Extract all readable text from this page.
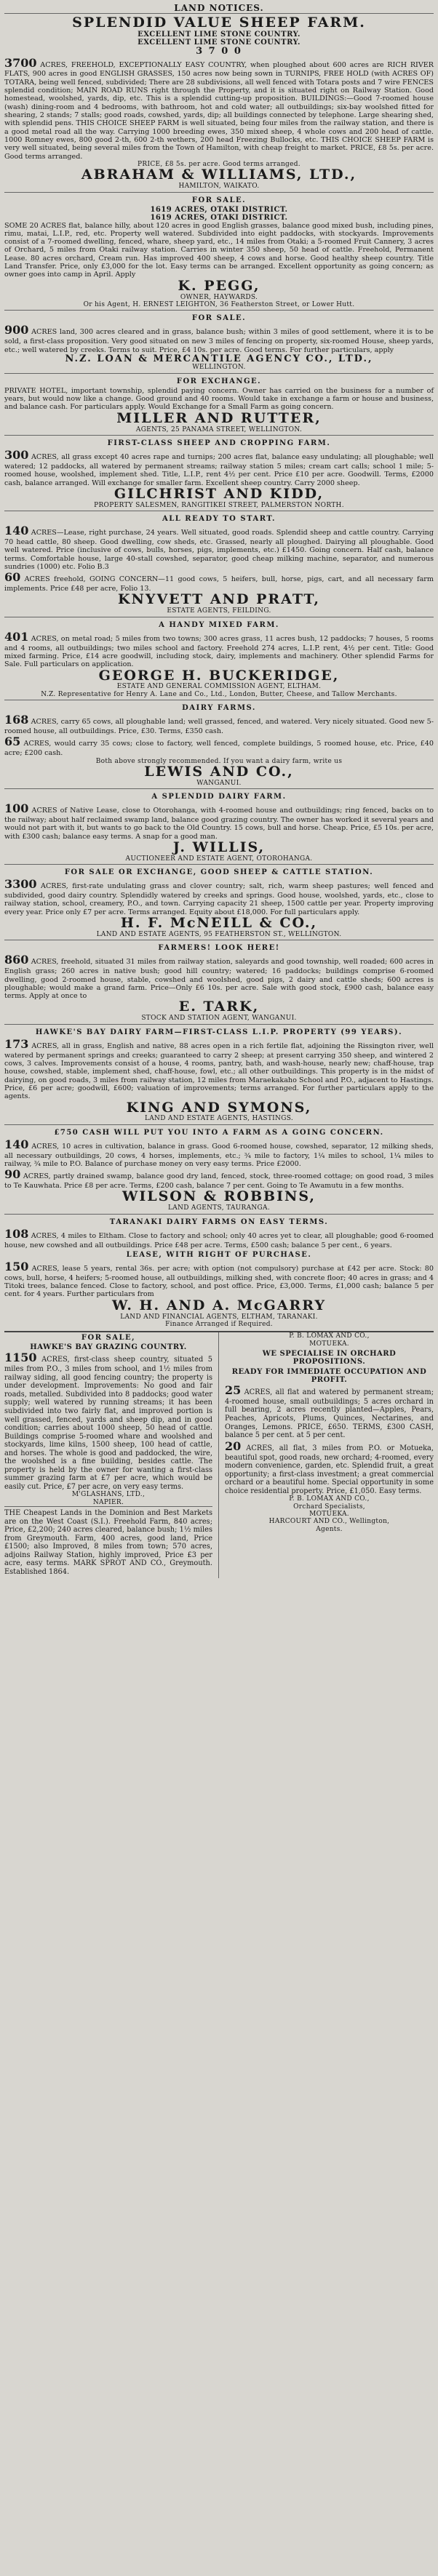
LAND NOTICES.
SPLENDID VALUE SHEEP FARM.
EXCELLENT LIME STONE COUNTRY.
EXCELLENT LIME STONE COUNTRY.
3 7 0 0
3700 ACRES, FREEHOLD, EXCEPTIONALLY EASY COUNTRY, when ploughed about 600 acres are RICH RIVER FLATS, 900 acres in good ENGLISH GRASSES, 150 acres now being sown in TURNIPS, FREE HOLD (with ACRES OF) TOTARA, being well fenced, subdivided; There are 28 subdivisions, all well fenced with Totara posts and 7 wire FENCES splendid condition; MAIN ROAD RUNS right through the Property, and it is situated right on Railway Station. Good homestead, woolshed, yards, dip, etc. This is a splendid cutting-up proposition. BUILDINGS:—Good 7-roomed house (wash) dining-room and 4 bedrooms, with bathroom, hot and cold water; all outbuildings; six-bay woolshed fitted for shearing, 2 stands; 7 stalls; good roads, cowshed, yards, dip; all buildings connected by telephone. Large shearing shed, with splendid pens. THIS CHOICE SHEEP FARM is well situated, being four miles from the railway station, and there is a good metal road all the way. Carrying 1000 breeding ewes, 350 mixed sheep, 4 whole cows and 200 head of cattle. 1000 Romney ewes, 800 good 2-th, 600 2-th wethers, 200 head Freezing Bullocks, etc. THIS CHOICE SHEEP FARM is very well situated, being several miles from the Town of Hamilton, with cheap freight to market. PRICE, £8 5s. per acre. Good terms arranged.
PRICE, £8 5s. per acre. Good terms arranged.
ABRAHAM & WILLIAMS, LTD.,
HAMILTON, WAIKATO.
FOR SALE.
1619 ACRES, OTAKI DISTRICT.
1619 ACRES, OTAKI DISTRICT.
SOME 20 ACRES flat, balance hilly, about 120 acres in good English grasses, balance good mixed bush, including pines, rimu, matai, L.I.P., red, etc. Property well watered. Subdivided into eight paddocks, with stockyards. Improvements consist of a 7-roomed dwelling, fenced, whare, sheep yard, etc., 14 miles from Otaki; a 5-roomed Fruit Cannery, 3 acres of Orchard, 5 miles from Otaki railway station. Carries in winter 350 sheep, 50 head of cattle. Freehold, Permanent Lease. 80 acres orchard, Cream run. Has improved 400 sheep, 4 cows and horse. Good healthy sheep country. Title Land Transfer. Price, only £3,000 for the lot. Easy terms can be arranged. Excellent opportunity as going concern; as owner goes into camp in April. Apply
K. PEGG,
OWNER, HAYWARDS.
Or his Agent, H. ERNEST LEIGHTON, 36 Featherston Street, or Lower Hutt.
FOR SALE.
900 ACRES land, 300 acres cleared and in grass, balance bush; within 3 miles of good settlement, where it is to be sold, a first-class proposition. Very good situated on new 3 miles of fencing on property, six-roomed House, sheep yards, etc.; well watered by creeks. Terms to suit. Price, £4 10s. per acre. Good terms. For further particulars, apply
N.Z. LOAN & MERCANTILE AGENCY CO., LTD.,
WELLINGTON.
FOR EXCHANGE.
PRIVATE HOTEL, important township, splendid paying concern. Owner has carried on the business for a number of years, but would now like a change. Good ground and 40 rooms. Would take in exchange a farm or house and business, and balance cash. For particulars apply. Would Exchange for a Small Farm as going concern.
MILLER AND RUTTER,
AGENTS, 25 PANAMA STREET, WELLINGTON.
FIRST-CLASS SHEEP AND CROPPING FARM.
300 ACRES, all grass except 40 acres rape and turnips; 200 acres flat, balance easy undulating; all ploughable; well watered; 12 paddocks, all watered by permanent streams; railway station 5 miles; cream cart calls; school 1 mile; 5-roomed house, woolshed, implement shed. Title, L.I.P., rent 4½ per cent. Price £10 per acre. Goodwill. Terms, £2000 cash, balance arranged. Will exchange for smaller farm. Excellent sheep country. Carry 2000 sheep.
GILCHRIST AND KIDD,
PROPERTY SALESMEN, RANGITIKEI STREET, PALMERSTON NORTH.
ALL READY TO START.
140 ACRES—Lease, right purchase, 24 years. Well situated, good roads. Splendid sheep and cattle country. Carrying 70 head cattle, 80 sheep. Good dwelling, cow sheds, etc. Grassed, nearly all ploughed. Dairying all ploughable. Good well watered. Price (inclusive of cows, bulls, horses, pigs, implements, etc.) £1450. Going concern. Half cash, balance terms. Comfortable house, large 40-stall cowshed, separator, good cheap milking machine, separator, and numerous sundries (1000) etc. Folio B.3
60 ACRES freehold, GOING CONCERN—11 good cows, 5 heifers, bull, horse, pigs, cart, and all necessary farm implements. Price £48 per acre, Folio 13.
KNYVETT AND PRATT,
ESTATE AGENTS, FEILDING.
A HANDY MIXED FARM.
401 ACRES, on metal road; 5 miles from two towns; 300 acres grass, 11 acres bush, 12 paddocks; 7 houses, 5 rooms and 4 rooms, all outbuildings; two miles school and factory. Freehold 274 acres, L.I.P. rent, 4½ per cent. Title: Good mixed farming. Price, £14 acre goodwill, including stock, dairy, implements and machinery. Other splendid Farms for Sale. Full particulars on application.
GEORGE H. BUCKERIDGE,
ESTATE AND GENERAL COMMISSION AGENT, ELTHAM.
N.Z. Representative for Henry A. Lane and Co., Ltd., London, Butter, Cheese, and Tallow Merchants.
DAIRY FARMS.
168 ACRES, carry 65 cows, all ploughable land; well grassed, fenced, and watered. Very nicely situated. Good new 5-roomed house, all outbuildings. Price, £30. Terms, £350 cash.
65 ACRES, would carry 35 cows; close to factory, well fenced, complete buildings, 5 roomed house, etc. Price, £40 acre; £200 cash.
Both above strongly recommended. If you want a dairy farm, write us
LEWIS AND CO.,
WANGANUI.
A SPLENDID DAIRY FARM.
100 ACRES of Native Lease, close to Otorohanga, with 4-roomed house and outbuildings; ring fenced, backs on to the railway; about half reclaimed swamp land, balance good grazing country. The owner has worked it several years and would not part with it, but wants to go back to the Old Country. 15 cows, bull and horse. Cheap. Price, £5 10s. per acre, with £300 cash; balance easy terms. A snap for a good man.
J. WILLIS,
AUCTIONEER AND ESTATE AGENT, OTOROHANGA.
FOR SALE OR EXCHANGE, GOOD SHEEP & CATTLE STATION.
3300 ACRES, first-rate undulating grass and clover country; salt, rich, warm sheep pastures; well fenced and subdivided, good dairy country. Splendidly watered by creeks and springs. Good house, woolshed, yards, etc., close to railway station, school, creamery, P.O., and town. Carrying capacity 21 sheep, 1500 cattle per year. Property improving every year. Price only £7 per acre. Terms arranged. Equity about £18,000. For full particulars apply.
H. F. McNEILL & CO.,
LAND AND ESTATE AGENTS, 95 FEATHERSTON ST., WELLINGTON.
FARMERS! LOOK HERE!
860 ACRES, freehold, situated 31 miles from railway station, saleyards and good township, well roaded; 600 acres in English grass; 260 acres in native bush; good hill country; watered; 16 paddocks; buildings comprise 6-roomed dwelling, good 2-roomed house, stable, cowshed and woolshed, good pigs, 2 dairy and cattle sheds; 600 acres is ploughable; would make a grand farm. Price—Only £6 10s. per acre. Sale with good stock, £900 cash, balance easy terms. Apply at once to
E. TARK,
STOCK AND STATION AGENT, WANGANUI.
HAWKE'S BAY DAIRY FARM—FIRST-CLASS L.I.P. PROPERTY (99 YEARS).
173 ACRES, all in grass, English and native, 88 acres open in a rich fertile flat, adjoining the Rissington river, well watered by permanent springs and creeks; guaranteed to carry 2 sheep; at present carrying 350 sheep, and wintered 2 cows, 3 calves. Improvements consist of a house, 4 rooms, pantry, bath, and wash-house, nearly new; chaff-house, trap house, cowshed, stable, implement shed, chaff-house, fowl, etc.; all other outbuildings. This property is in the midst of dairying, on good roads, 3 miles from railway station, 12 miles from Maraekakaho School and P.O., adjacent to Hastings. Price, £6 per acre; goodwill, £600; valuation of improvements; terms arranged. For further particulars apply to the agents.
KING AND SYMONS,
LAND AND ESTATE AGENTS, HASTINGS.
£750 CASH WILL PUT YOU INTO A FARM AS A GOING CONCERN.
140 ACRES, 10 acres in cultivation, balance in grass. Good 6-roomed house, cowshed, separator, 12 milking sheds, all necessary outbuildings, 20 cows, 4 horses, implements, etc.; ¾ mile to factory, 1¼ miles to school, 1¼ miles to railway, ¾ mile to P.O. Balance of purchase money on very easy terms. Price £2000.
90 ACRES, partly drained swamp, balance good dry land, fenced, stock, three-roomed cottage; on good road, 3 miles to Te Kauwhata. Price £8 per acre. Terms, £200 cash, balance 7 per cent. Going to Te Awamutu in a few months.
WILSON & ROBBINS,
LAND AGENTS, TAURANGA.
TARANAKI DAIRY FARMS ON EASY TERMS.
108 ACRES, 4 miles to Eltham. Close to factory and school; only 40 acres yet to clear, all ploughable; good 6-roomed house, new cowshed and all outbuildings. Price £48 per acre. Terms, £500 cash; balance 5 per cent., 6 years.
LEASE, WITH RIGHT OF PURCHASE.
150 ACRES, lease 5 years, rental 36s. per acre; with option (not compulsory) purchase at £42 per acre. Stock: 80 cows, bull, horse, 4 heifers; 5-roomed house, all outbuildings, milking shed, with concrete floor; 40 acres in grass; and 4 Titoki trees, balance fenced. Close to factory, school, and post office. Price, £3,000. Terms, £1,000 cash; balance 5 per cent. for 4 years. Further particulars from
W. H. AND A. McGARRY
LAND AND FINANCIAL AGENTS, ELTHAM, TARANAKI.
Finance Arranged if Required.
FOR SALE,
HAWKE'S BAY GRAZING COUNTRY.
1150 ACRES, first-class sheep country, situated 5 miles from P.O., 3 miles from school, and 1½ miles from railway siding, all good fencing country; the property is under development. Improvements: No good and fair roads, metalled. Subdivided into 8 paddocks; good water supply; well watered by running streams; it has been subdivided into two fairly flat, and improved portion is well grassed, fenced, yards and sheep dip, and in good condition; carries about 1000 sheep, 50 head of cattle. Buildings comprise 5-roomed whare and woolshed and stockyards, lime kilns, 1500 sheep, 100 head of cattle, and horses. The whole is good and paddocked, the wire, the woolshed is a fine building, besides cattle. The property is held by the owner for wanting a first-class summer grazing farm at £7 per acre, which would be easily cut. Price, £7 per acre, on very easy terms.
M'GLASHANS, LTD.,
NAPIER.
THE Cheapest Lands in the Dominion and Best Markets are on the West Coast (S.I.). Freehold Farm, 840 acres; Price, £2,200; 240 acres cleared, balance bush; 1½ miles from Greymouth. Farm, 400 acres, good land, Price £1500; also Improved, 8 miles from town; 570 acres, adjoins Railway Station, highly improved, Price £3 per acre, easy terms. MARK SPROT AND CO., Greymouth. Established 1864.
P. B. LOMAX AND CO.,
MOTUEKA.
WE SPECIALISE IN ORCHARD PROPOSITIONS.
READY FOR IMMEDIATE OCCUPATION AND PROFIT.
25 ACRES, all flat and watered by permanent stream; 4-roomed house, small outbuildings; 5 acres orchard in full bearing, 2 acres recently planted—Apples, Pears, Peaches, Apricots, Plums, Quinces, Nectarines, and Oranges, Lemons. PRICE, £650. TERMS, £300 CASH, balance 5 per cent. at 5 per cent.
20 ACRES, all flat, 3 miles from P.O. or Motueka, beautiful spot, good roads, new orchard; 4-roomed, every modern convenience, garden, etc. Splendid fruit, a great opportunity; a first-class investment; a great commercial orchard or a beautiful home. Special opportunity in some choice residential property. Price, £1,050. Easy terms.
P. B. LOMAX AND CO.,
Orchard Specialists,
MOTUEKA.
HARCOURT AND CO., Wellington,
Agents.
